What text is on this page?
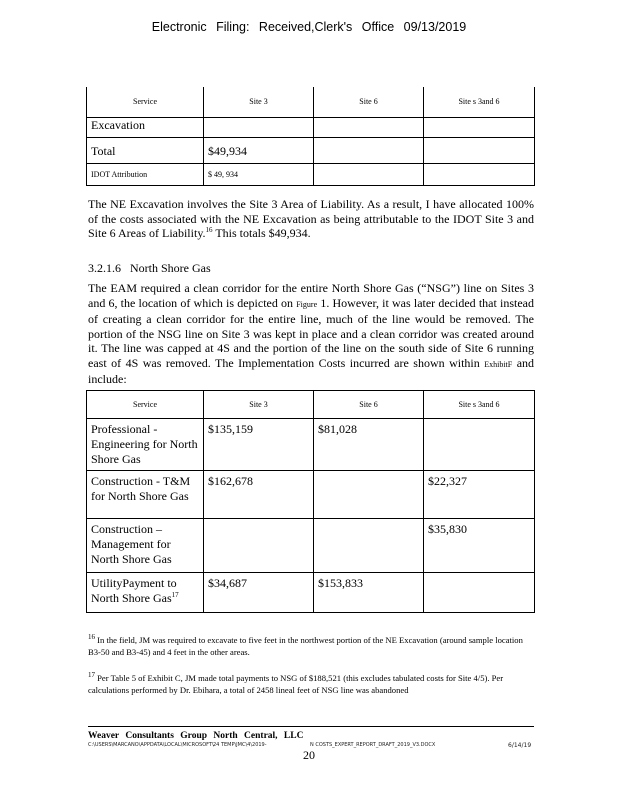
Electronic Filing: Received,Clerk's Office 09/13/2019
Service	Site 3	Site 6	Site s 3and 6
Excavation			
Total	$49,934		
IDOT Attribution	$ 49, 934		
The NE Excavation involves the Site 3 Area of Liability. As a result, I have allocated 100% of the costs associated with the NE Excavation as being attributable to the IDOT Site 3 and Site 6 Areas of Liability.$^{16}$ This totals $49,934.
3.2.1.6 North Shore Gas
The EAM required a clean corridor for the entire North Shore Gas (“NSG”) line on Sites 3 and 6, the location of which is depicted on Figure 1. However, it was later decided that instead of creating a clean corridor for the entire line, much of the line would be removed. The portion of the NSG line on Site 3 was kept in place and a clean corridor was created around it. The line was capped at 4S and the portion of the line on the south side of Site 6 running east of 4S was removed. The Implementation Costs incurred are shown within ExhibitF and include:
Service	Site 3	Site 6	Site s 3and 6
Professional - Engineering for North Shore Gas	$135,159	$81,028	
Construction - T&M for North Shore Gas	$162,678		$22,327
Construction – Management for North Shore Gas			$35,830
UtilityPayment to North Shore Gas$^{17}$	$34,687	$153,833	
$^{16}$ In the field, JM was required to excavate to five feet in the northwest portion of the NE Excavation (around sample location B3-50 and B3-45) and 4 feet in the other areas.
$^{17}$ Per Table 5 of Exhibit C, JM made total payments to NSG of $188,521 (this excludes tabulated costs for Site 4/5). Per calculations performed by Dr. Ebihara, a total of 2458 lineal feet of NSG line was abandoned
Weaver Consultants Group North Central, LLC
C:\USERS\MARCANO\APPDATA\LOCAL\MICROSOFT\ 24 TEMP\JMC\4\2019-	N COSTS_EXPERT_REPORT_DRAFT_2019_V3.DOCX	6/14/19
20
